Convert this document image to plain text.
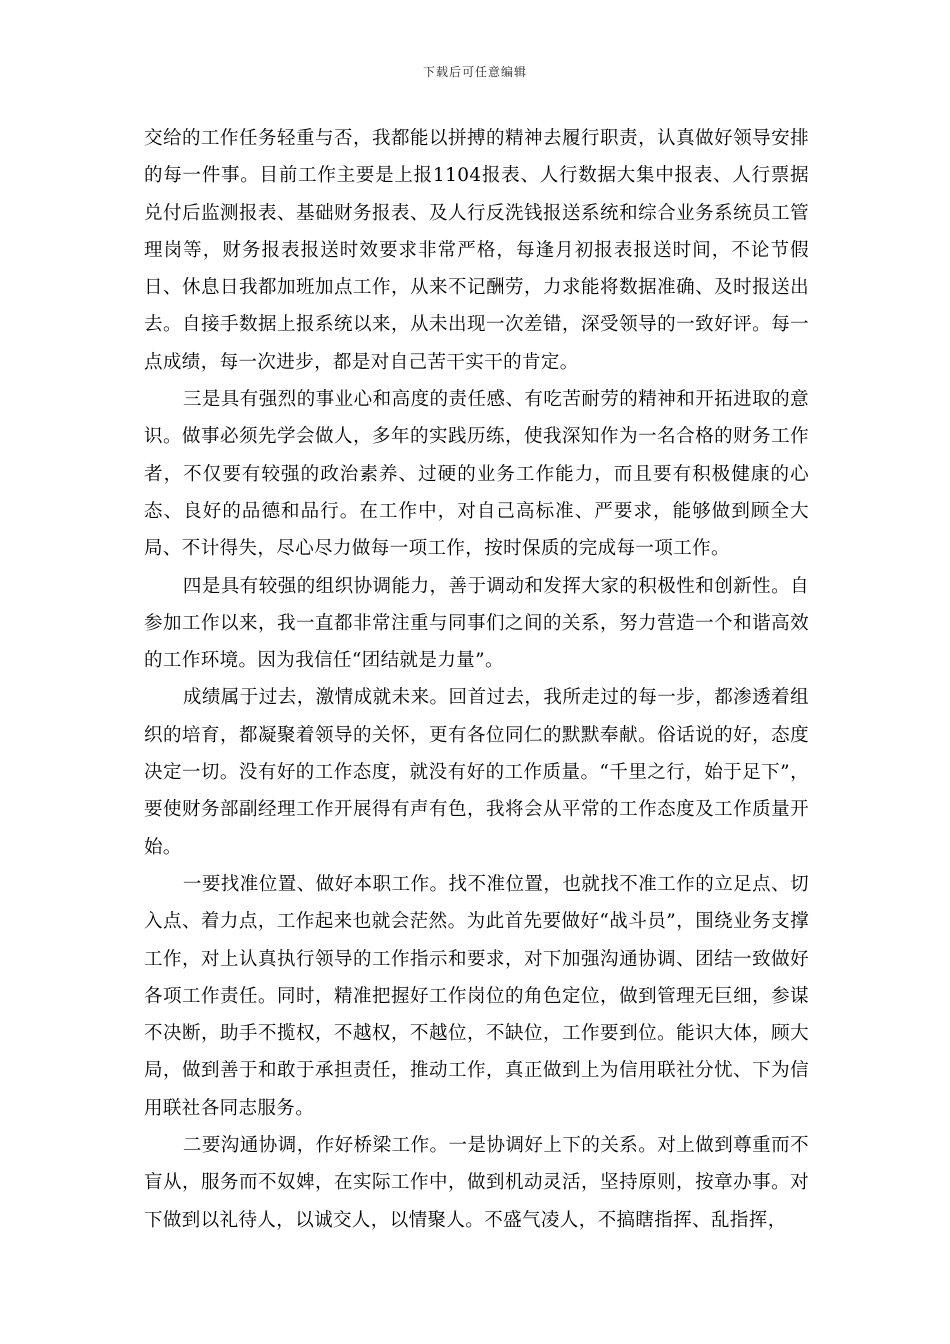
下载后可任意编辑

交给的工作任务轻重与否，我都能以拼搏的精神去履行职责，认真做好领导安排的每一件事。目前工作主要是上报1104报表、人行数据大集中报表、人行票据兑付后监测报表、基础财务报表、及人行反洗钱报送系统和综合业务系统员工管理岗等，财务报表报送时效要求非常严格，每逢月初报表报送时间，不论节假日、休息日我都加班加点工作，从来不记酬劳，力求能将数据准确、及时报送出去。自接手数据上报系统以来，从未出现一次差错，深受领导的一致好评。每一点成绩，每一次进步，都是对自己苦干实干的肯定。

三是具有强烈的事业心和高度的责任感、有吃苦耐劳的精神和开拓进取的意识。做事必须先学会做人，多年的实践历练，使我深知作为一名合格的财务工作者，不仅要有较强的政治素养、过硬的业务工作能力，而且要有积极健康的心态、良好的品德和品行。在工作中，对自己高标准、严要求，能够做到顾全大局、不计得失，尽心尽力做每一项工作，按时保质的完成每一项工作。

四是具有较强的组织协调能力，善于调动和发挥大家的积极性和创新性。自参加工作以来，我一直都非常注重与同事们之间的关系，努力营造一个和谐高效的工作环境。因为我信任“团结就是力量”。

成绩属于过去，激情成就未来。回首过去，我所走过的每一步，都渗透着组织的培育，都凝聚着领导的关怀，更有各位同仁的默默奉献。俗话说的好，态度决定一切。没有好的工作态度，就没有好的工作质量。“千里之行，始于足下”，要使财务部副经理工作开展得有声有色，我将会从平常的工作态度及工作质量开始。

一要找准位置、做好本职工作。找不准位置，也就找不准工作的立足点、切入点、着力点，工作起来也就会茫然。为此首先要做好“战斗员”，围绕业务支撑工作，对上认真执行领导的工作指示和要求，对下加强沟通协调、团结一致做好各项工作责任。同时，精准把握好工作岗位的角色定位，做到管理无巨细，参谋不决断，助手不揽权，不越权，不越位，不缺位，工作要到位。能识大体，顾大局，做到善于和敢于承担责任，推动工作，真正做到上为信用联社分忧、下为信用联社各同志服务。

二要沟通协调，作好桥梁工作。一是协调好上下的关系。对上做到尊重而不盲从，服务而不奴婢，在实际工作中，做到机动灵活，坚持原则，按章办事。对下做到以礼待人，以诚交人，以情聚人。不盛气凌人，不搞瞎指挥、乱指挥，
